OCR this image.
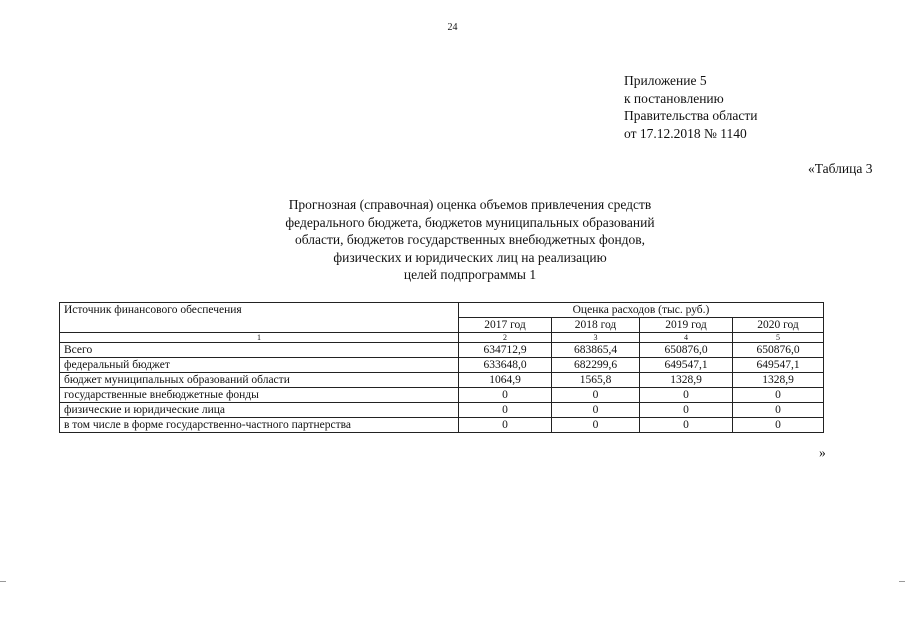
24
Приложение 5
к постановлению
Правительства области
от 17.12.2018 № 1140
«Таблица 3
Прогнозная (справочная) оценка объемов привлечения средств
федерального бюджета, бюджетов муниципальных образований
области, бюджетов государственных внебюджетных фондов,
физических и юридических лиц на реализацию
целей подпрограммы 1
Источник финансового обеспечения	Оценка расходов (тыс. руб.)			
	2017 год	2018 год	2019 год	2020 год
1	2	3	4	5
Всего	634712,9	683865,4	650876,0	650876,0
федеральный бюджет	633648,0	682299,6	649547,1	649547,1
бюджет муниципальных образований области	1064,9	1565,8	1328,9	1328,9
государственные внебюджетные фонды	0	0	0	0
физические и юридические лица	0	0	0	0
в том числе в форме государственно-частного партнерства	0	0	0	0
»
